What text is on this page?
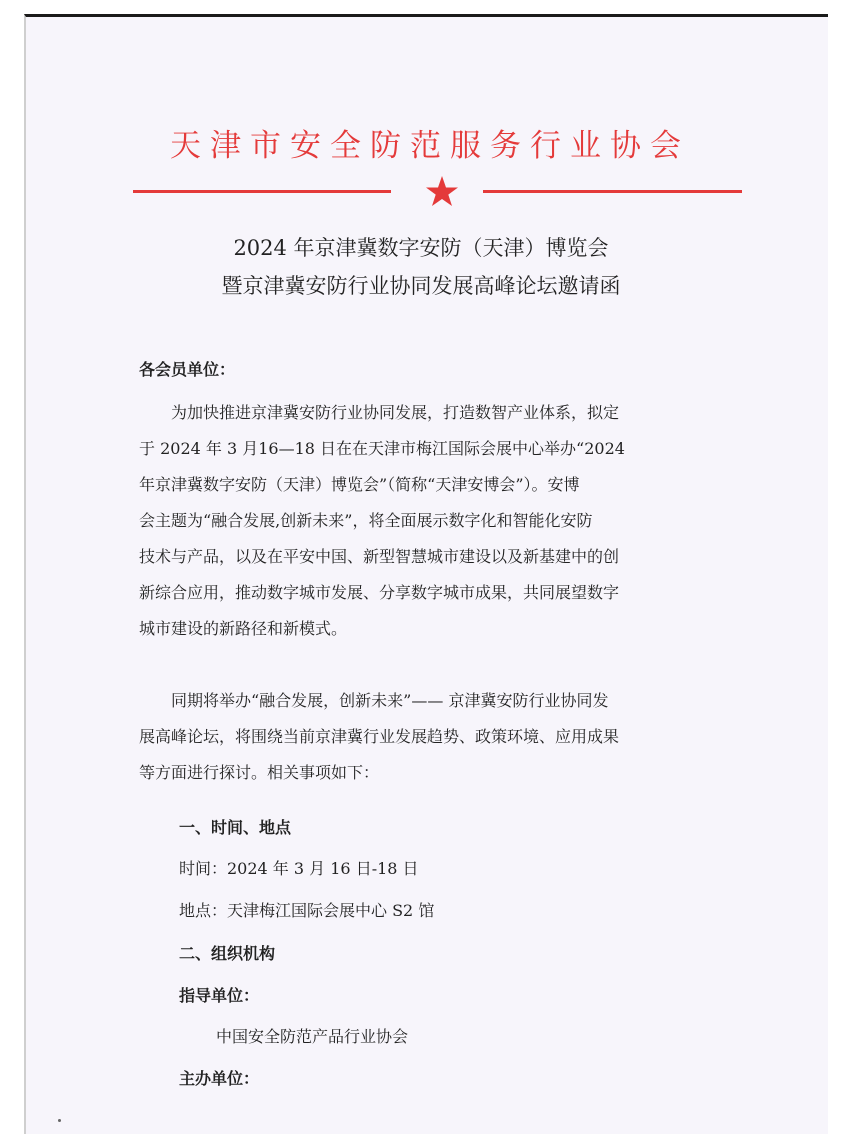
天津市安全防范服务行业协会
2024 年京津冀数字安防（天津）博览会
暨京津冀安防行业协同发展高峰论坛邀请函
各会员单位：
为加快推进京津冀安防行业协同发展，打造数智产业体系，拟定
于 2024 年 3 月16—18 日在在天津市梅江国际会展中心举办“2024
年京津冀数字安防（天津）博览会”（简称“天津安博会”）。安博
会主题为“融合发展,创新未来”，将全面展示数字化和智能化安防
技术与产品，以及在平安中国、新型智慧城市建设以及新基建中的创
新综合应用，推动数字城市发展、分享数字城市成果，共同展望数字
城市建设的新路径和新模式。
同期将举办“融合发展，创新未来”—— 京津冀安防行业协同发
展高峰论坛，将围绕当前京津冀行业发展趋势、政策环境、应用成果
等方面进行探讨。相关事项如下：
一、时间、地点
时间：2024 年 3 月 16 日-18 日
地点：天津梅江国际会展中心 S2 馆
二、组织机构
指导单位：
中国安全防范产品行业协会
主办单位：
